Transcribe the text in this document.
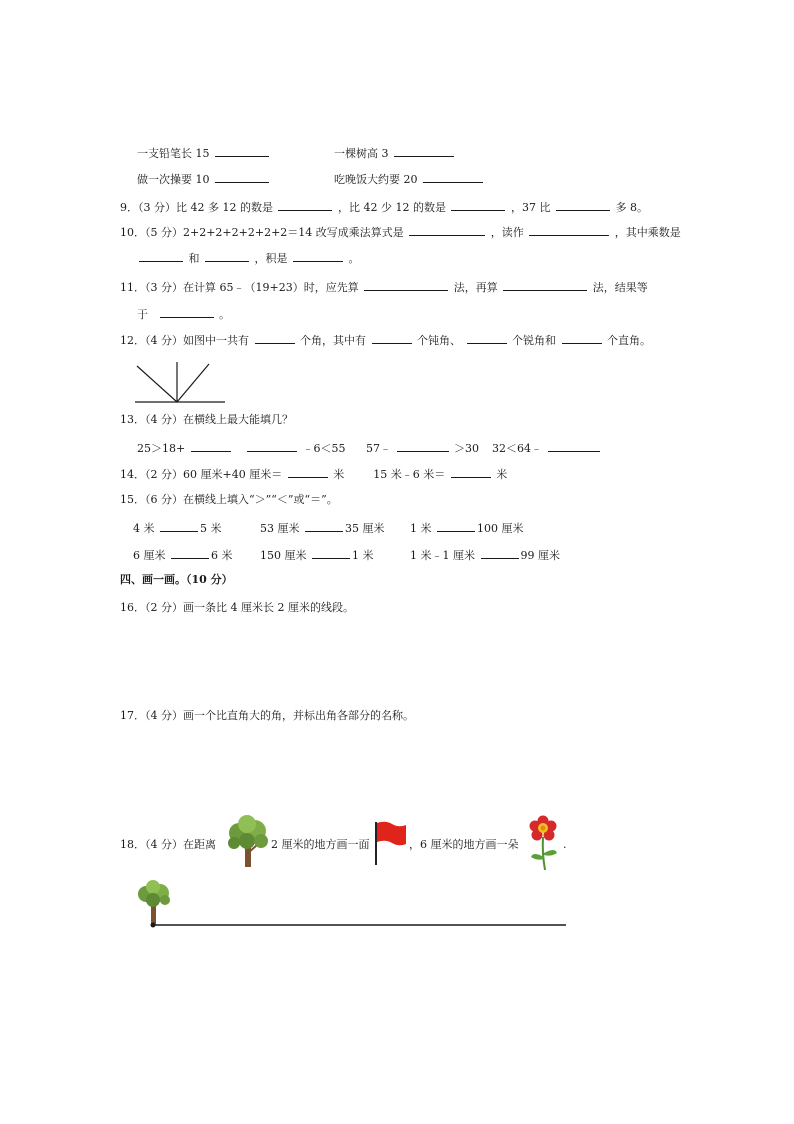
一支铅笔长 15	一棵树高 3
做一次操要 10	吃晚饭大约要 20
9．（3 分）比 42 多 12 的数是	，比 42 少 12 的数是	，37 比	多 8。
10．（5 分）2+2+2+2+2+2+2＝14 改写成乘法算式是	，读作	，其中乘数是
和	，积是	。
11．（3 分）在计算 65﹣（19+23）时，应先算	法，再算	法，结果等
于	。
12．（4 分）如图中一共有	个角，其中有	个钝角、	个锐角和	个直角。
13．（4 分）在横线上最大能填几？
25＞18+	﹣6＜55 57﹣	＞30 32＜64﹣
14．（2 分）60 厘米+40 厘米＝	米	15 米﹣6 米＝	米
15．（6 分）在横线上填入“＞”“＜”或“＝”。
4 米	5 米	53 厘米	35 厘米 1 米	100 厘米
6 厘米	6 米	150 厘米	1 米	1 米﹣1 厘米	99 厘米
四、画一画。（10 分）
16．（2 分）画一条比 4 厘米长 2 厘米的线段。
17．（4 分）画一个比直角大的角，并标出角各部分的名称。
18．（4 分）在距离	2 厘米的地方画一面	，6 厘米的地方画一朵	.
